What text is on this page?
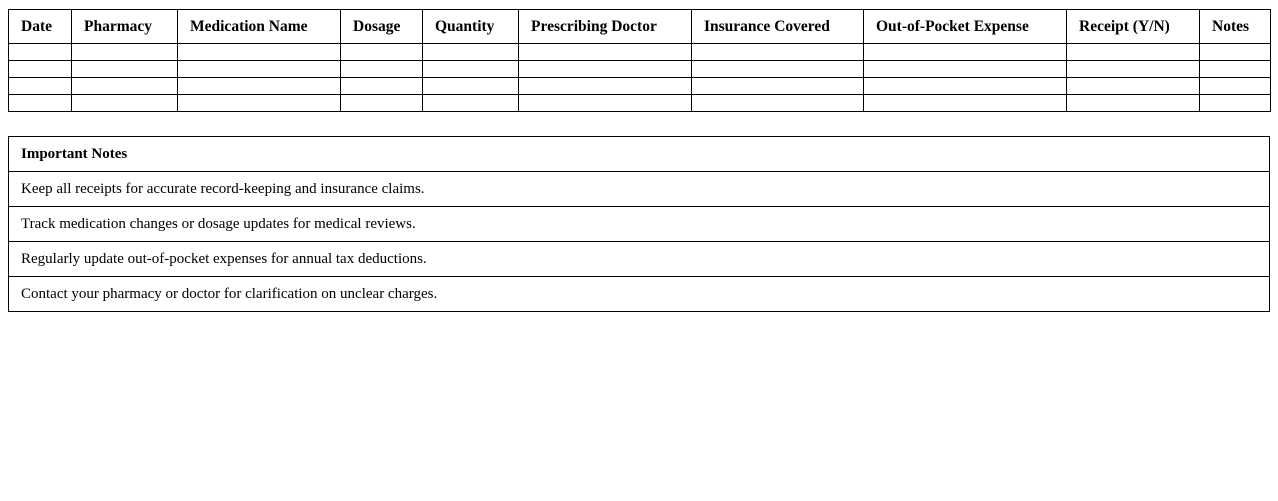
Date	Pharmacy	Medication Name	Dosage	Quantity	Prescribing Doctor	Insurance Covered	Out-of-Pocket Expense	Receipt (Y/N)	Notes

Important Notes
Keep all receipts for accurate record-keeping and insurance claims.
Track medication changes or dosage updates for medical reviews.
Regularly update out-of-pocket expenses for annual tax deductions.
Contact your pharmacy or doctor for clarification on unclear charges.
